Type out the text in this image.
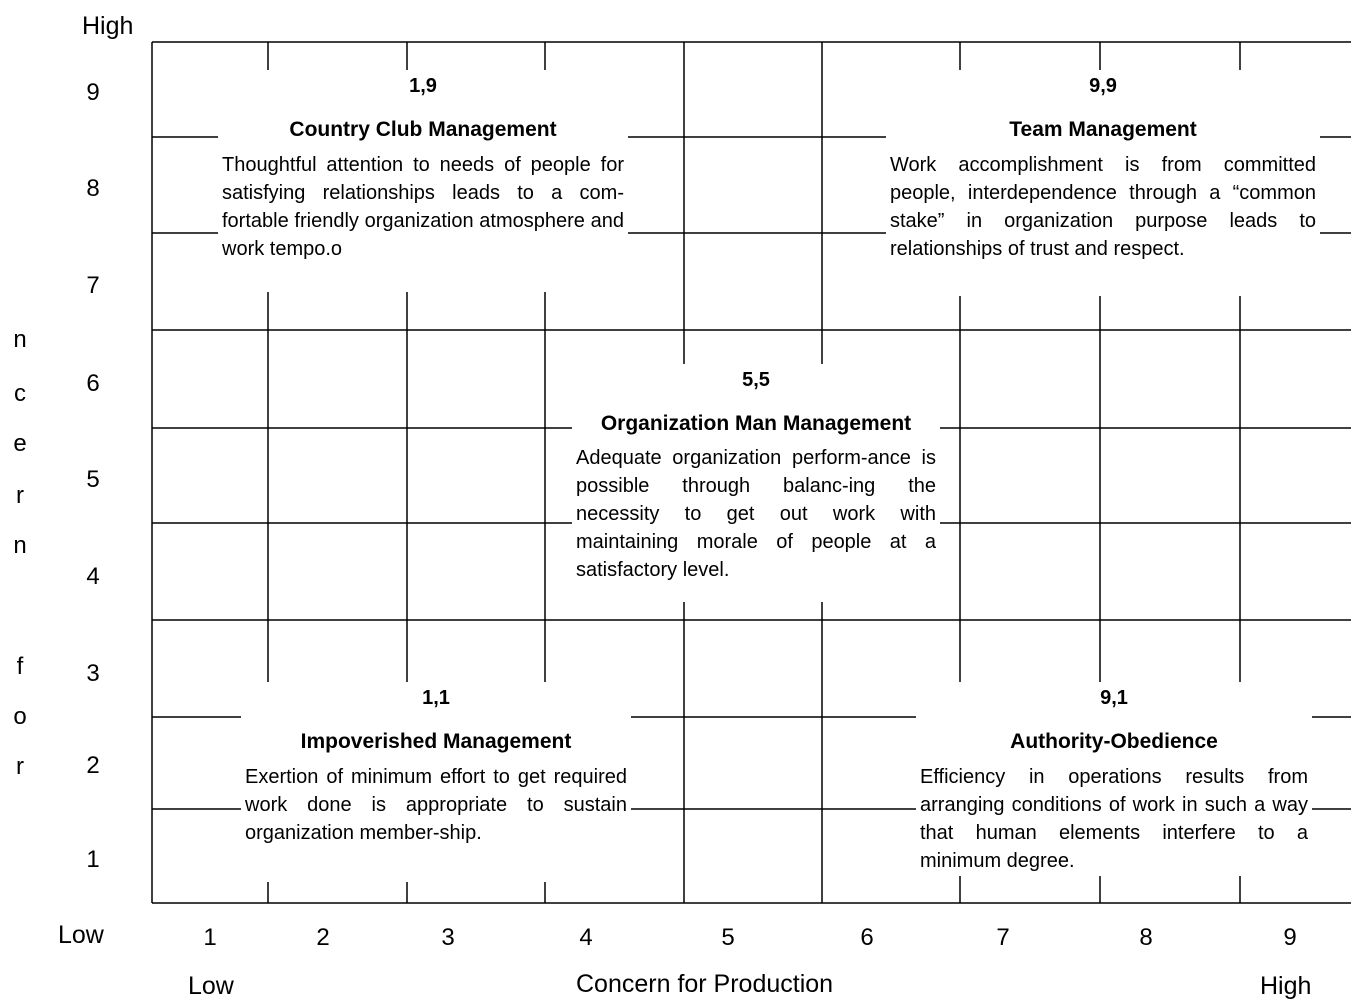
High
Low
n
c
e
r
n
f
o
r
9
8
7
6
5
4
3
2
1
1	2	3	4	5	6	7	8	9
Low	Concern for Production	High
1,9
Country Club Management
Thoughtful attention to needs of people for satisfying relationships leads to a com-fortable friendly organization atmosphere and work tempo.o
9,9
Team Management
Work accomplishment is from committed people, interdependence through a “common stake” in organization purpose leads to relationships of trust and respect.
5,5
Organization Man Management
Adequate organization perform-ance is possible through balanc-ing the necessity to get out work with maintaining morale of people at a satisfactory level.
1,1
Impoverished Management
Exertion of minimum effort to get required work done is appropriate to sustain organization member-ship.
9,1
Authority-Obedience
Efficiency in operations results from arranging conditions of work in such a way that human elements interfere to a minimum degree.
